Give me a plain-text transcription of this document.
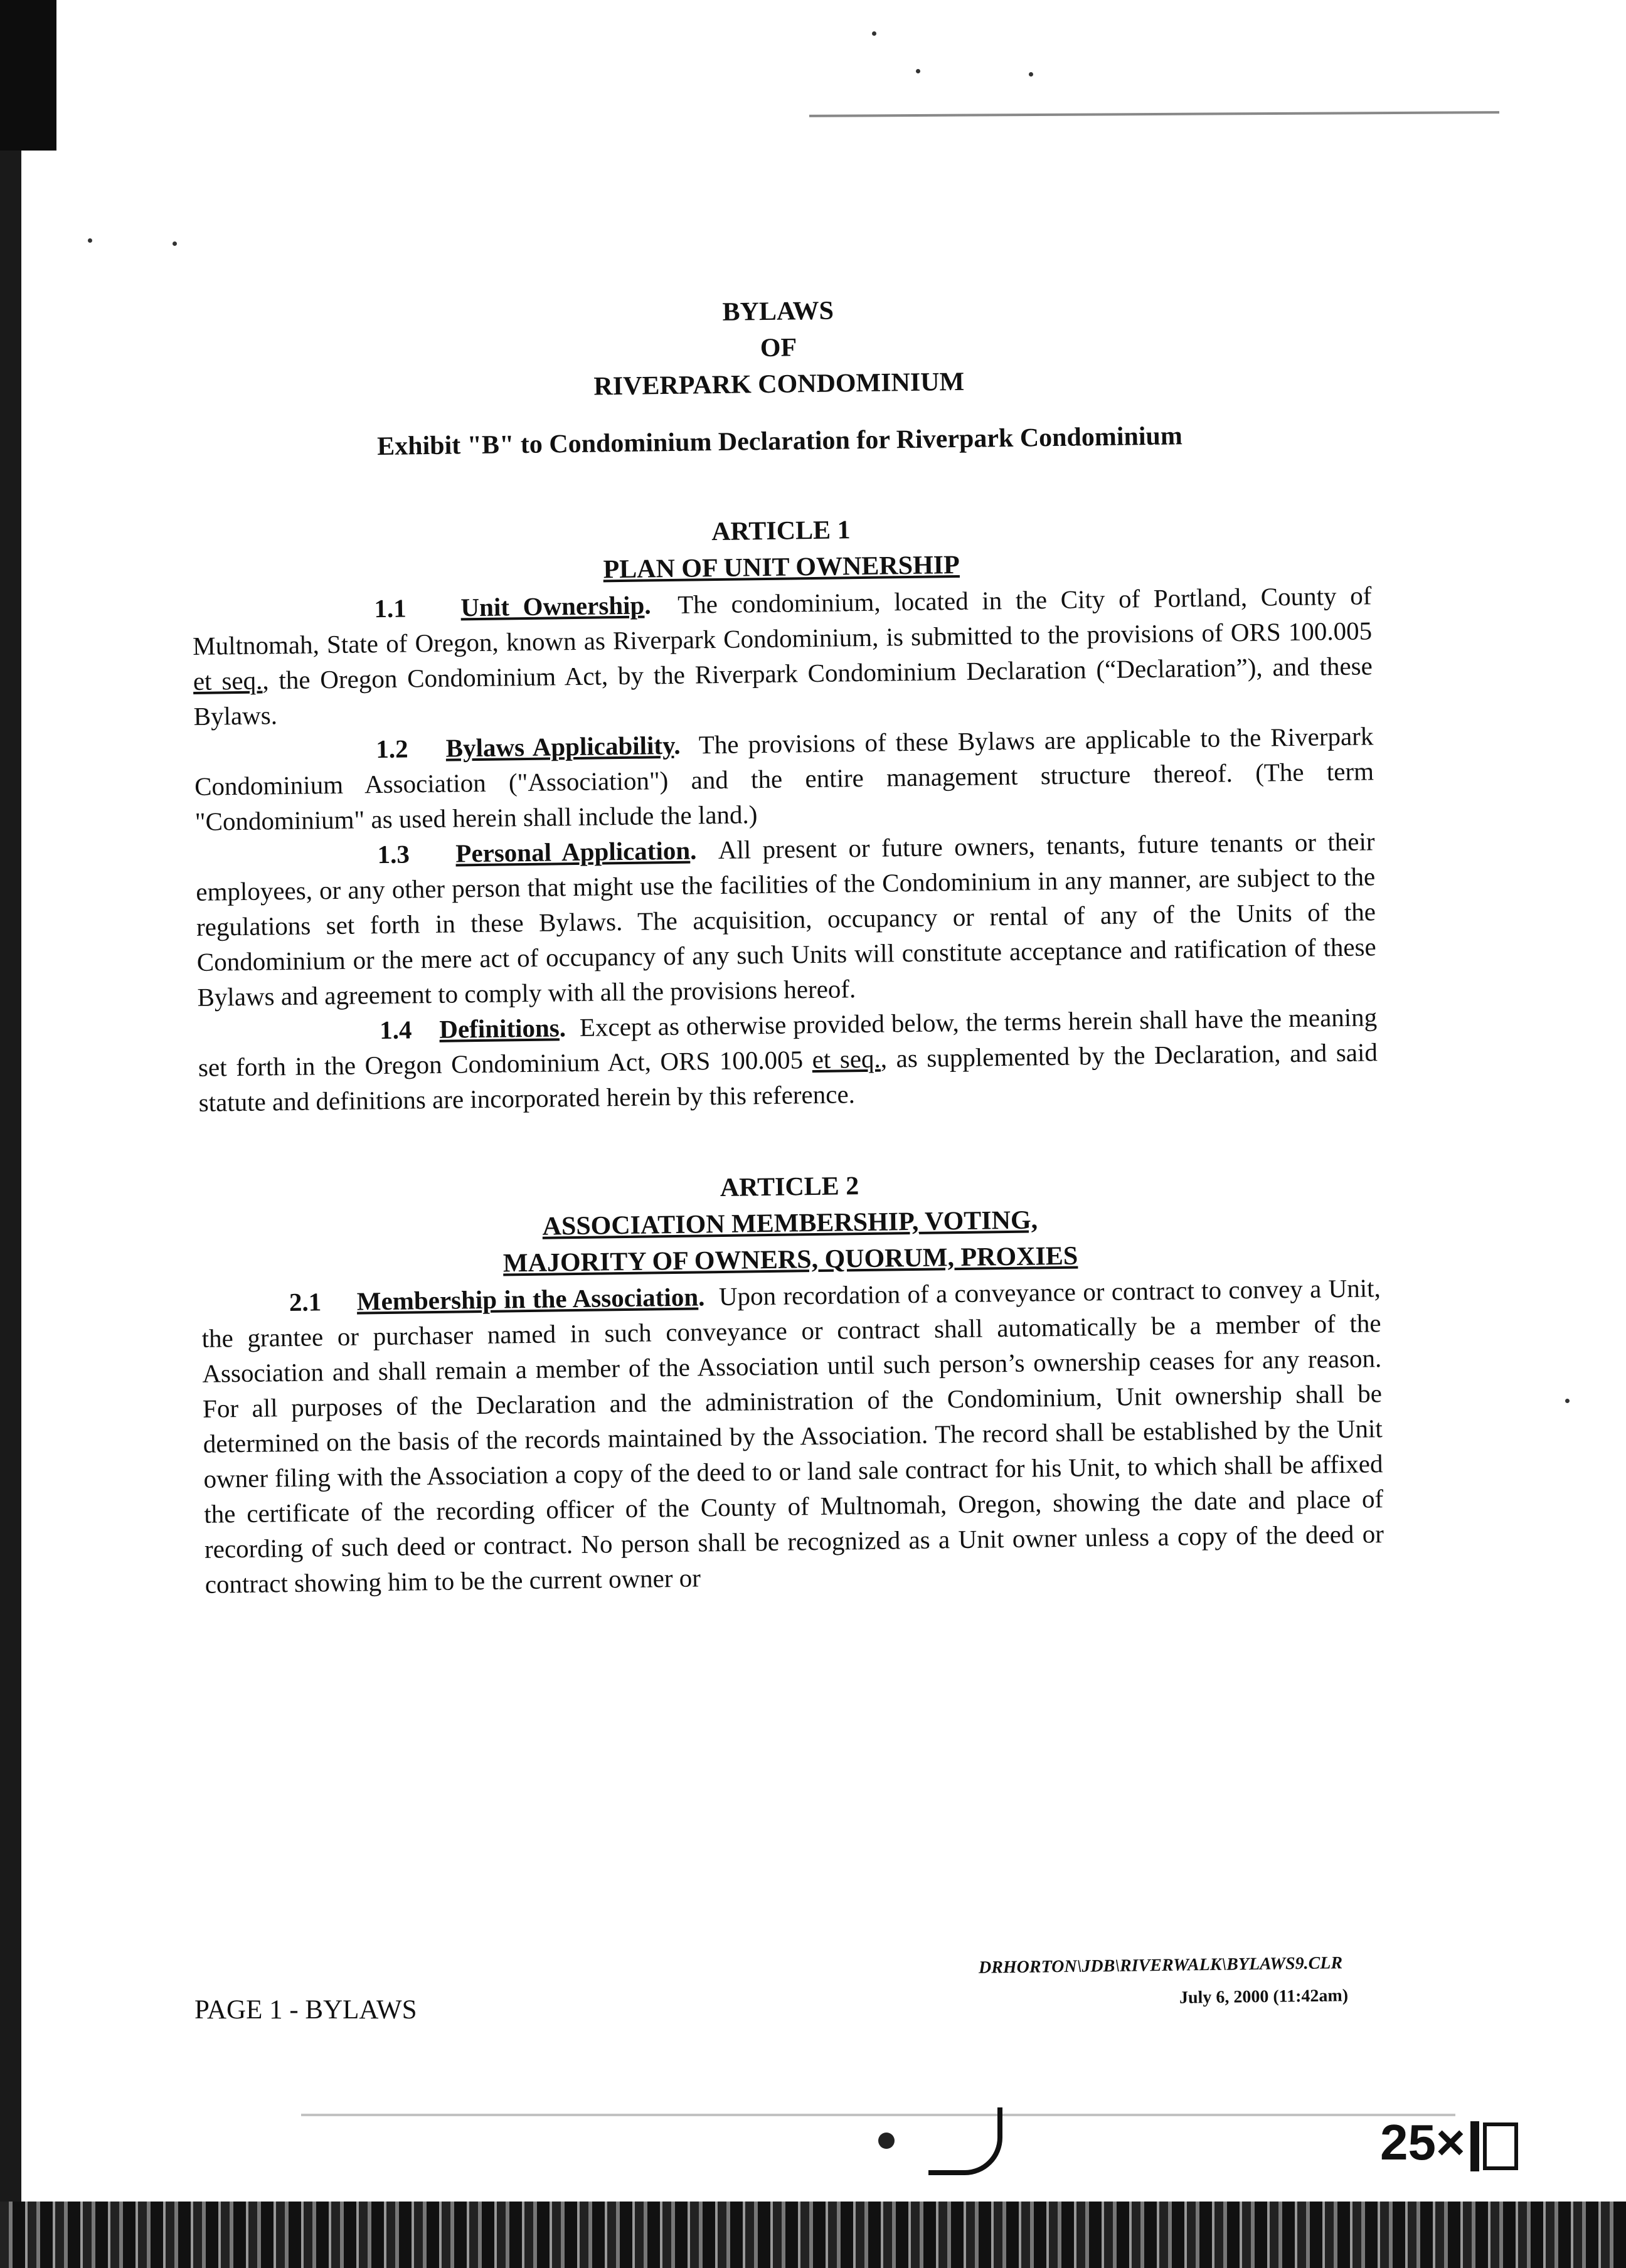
BYLAWS
OF
RIVERPARK CONDOMINIUM
Exhibit "B" to Condominium Declaration for Riverpark Condominium
ARTICLE 1
PLAN OF UNIT OWNERSHIP

1.1 Unit Ownership. The condominium, located in the City of Portland, County of Multnomah, State of Oregon, known as Riverpark Condominium, is submitted to the provisions of ORS 100.005 et seq., the Oregon Condominium Act, by the Riverpark Condominium Declaration (“Declaration”), and these Bylaws.

1.2 Bylaws Applicability. The provisions of these Bylaws are applicable to the Riverpark Condominium Association ("Association") and the entire management structure thereof. (The term "Condominium" as used herein shall include the land.)

1.3 Personal Application. All present or future owners, tenants, future tenants or their employees, or any other person that might use the facilities of the Condominium in any manner, are subject to the regulations set forth in these Bylaws. The acquisition, occupancy or rental of any of the Units of the Condominium or the mere act of occupancy of any such Units will constitute acceptance and ratification of these Bylaws and agreement to comply with all the provisions hereof.

1.4 Definitions. Except as otherwise provided below, the terms herein shall have the meaning set forth in the Oregon Condominium Act, ORS 100.005 et seq., as supplemented by the Declaration, and said statute and definitions are incorporated herein by this reference.

ARTICLE 2
ASSOCIATION MEMBERSHIP, VOTING,
MAJORITY OF OWNERS, QUORUM, PROXIES

2.1 Membership in the Association. Upon recordation of a conveyance or contract to convey a Unit, the grantee or purchaser named in such conveyance or contract shall automatically be a member of the Association and shall remain a member of the Association until such person’s ownership ceases for any reason. For all purposes of the Declaration and the administration of the Condominium, Unit ownership shall be determined on the basis of the records maintained by the Association. The record shall be established by the Unit owner filing with the Association a copy of the deed to or land sale contract for his Unit, to which shall be affixed the certificate of the recording officer of the County of Multnomah, Oregon, showing the date and place of recording of such deed or contract. No person shall be recognized as a Unit owner unless a copy of the deed or contract showing him to be the current owner or

DRHORTON\JDB\RIVERWALK\BYLAWS9.CLR
July 6, 2000 (11:42am)
PAGE 1 - BYLAWS
25×
